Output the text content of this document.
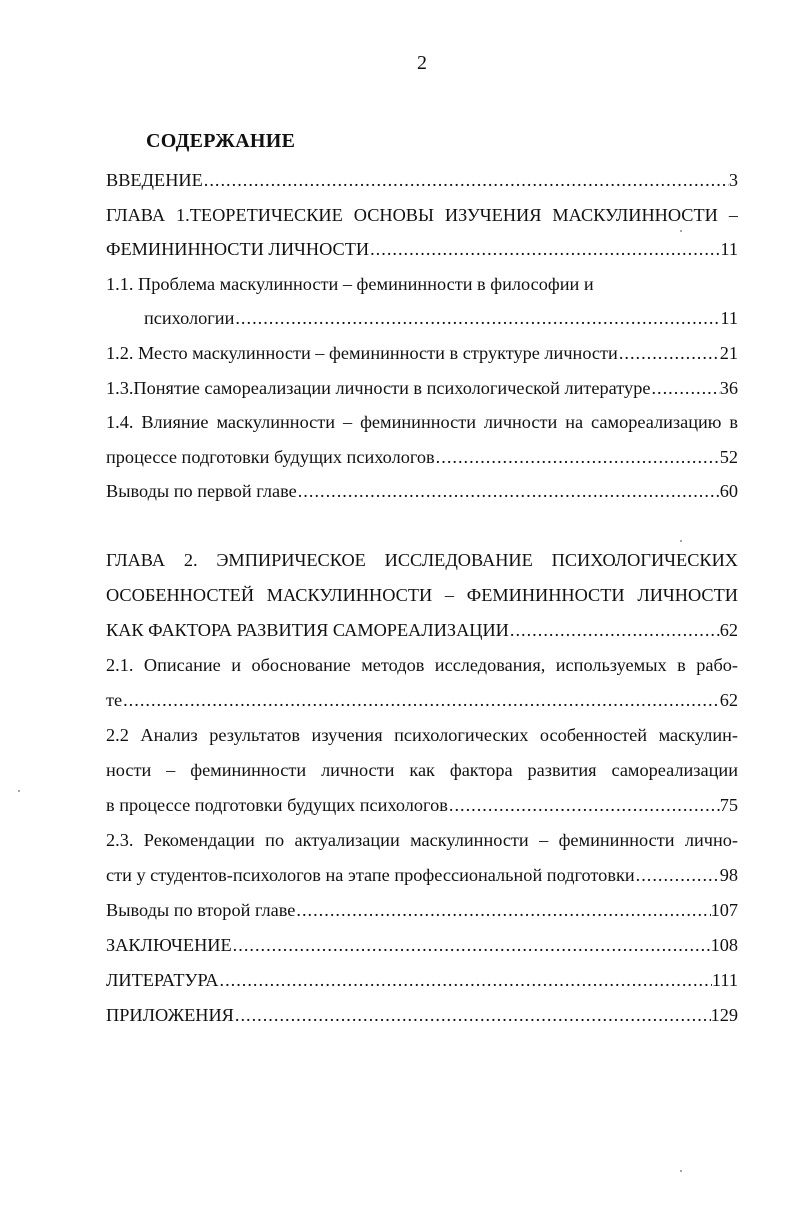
2
СОДЕРЖАНИЕ
ВВЕДЕНИЕ .....	3
ГЛАВА 1.ТЕОРЕТИЧЕСКИЕ ОСНОВЫ ИЗУЧЕНИЯ МАСКУЛИННОСТИ –
ФЕМИНИННОСТИ ЛИЧНОСТИ .....	11
1.1. Проблема маскулинности – фемининности в философии и
психологии .....	11
1.2. Место маскулинности – фемининности в структуре личности .....	21
1.3.Понятие самореализации личности в психологической литературе .....	36
1.4. Влияние маскулинности – фемининности личности на самореализацию в
процессе подготовки будущих психологов .....	52
Выводы по первой главе .....	60
ГЛАВА 2. ЭМПИРИЧЕСКОЕ ИССЛЕДОВАНИЕ ПСИХОЛОГИЧЕСКИХ
ОСОБЕННОСТЕЙ МАСКУЛИННОСТИ – ФЕМИНИННОСТИ ЛИЧНОСТИ
КАК ФАКТОРА РАЗВИТИЯ САМОРЕАЛИЗАЦИИ .....	62
2.1. Описание и обоснование методов исследования, используемых в рабо-
те .....	62
2.2 Анализ результатов изучения психологических особенностей маскулин-
ности – фемининности личности как фактора развития самореализации
в процессе подготовки будущих психологов .....	75
2.3. Рекомендации по актуализации маскулинности – фемининности лично-
сти у студентов-психологов на этапе профессиональной подготовки .....	98
Выводы по второй главе .....	107
ЗАКЛЮЧЕНИЕ .....	108
ЛИТЕРАТУРА .....	111
ПРИЛОЖЕНИЯ .....	129
